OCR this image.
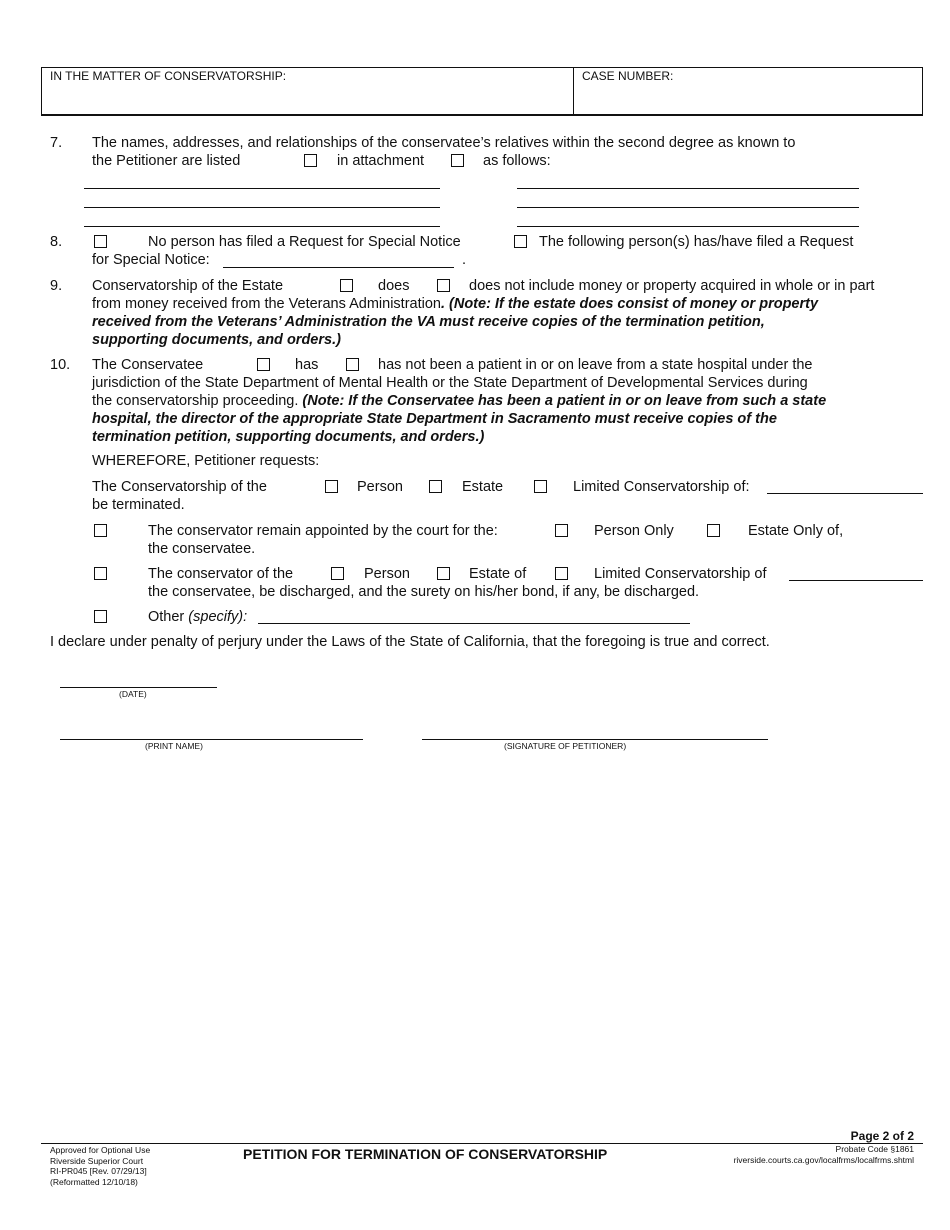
IN THE MATTER OF CONSERVATORSHIP:	CASE NUMBER:
7. The names, addresses, and relationships of the conservatee’s relatives within the second degree as known to
the Petitioner are listed	in attachment	as follows:
8.	No person has filed a Request for Special Notice	The following person(s) has/have filed a Request
for Special Notice:	.
9. Conservatorship of the Estate	does	does not include money or property acquired in whole or in part
from money received from the Veterans Administration. (Note: If the estate does consist of money or property
received from the Veterans’ Administration the VA must receive copies of the termination petition,
supporting documents, and orders.)
10. The Conservatee	has	has not been a patient in or on leave from a state hospital under the
jurisdiction of the State Department of Mental Health or the State Department of Developmental Services during
the conservatorship proceeding. (Note: If the Conservatee has been a patient in or on leave from such a state
hospital, the director of the appropriate State Department in Sacramento must receive copies of the
termination petition, supporting documents, and orders.)
WHEREFORE, Petitioner requests:
The Conservatorship of the	Person	Estate	Limited Conservatorship of:
be terminated.
The conservator remain appointed by the court for the:	Person Only	Estate Only of,
the conservatee.
The conservator of the	Person	Estate of	Limited Conservatorship of
the conservatee, be discharged, and the surety on his/her bond, if any, be discharged.
Other (specify):
I declare under penalty of perjury under the Laws of the State of California, that the foregoing is true and correct.
(DATE)
(PRINT NAME)	(SIGNATURE OF PETITIONER)
Page 2 of 2
Approved for Optional Use
Riverside Superior Court
RI-PR045 [Rev. 07/29/13]
(Reformatted 12/10/18)
PETITION FOR TERMINATION OF CONSERVATORSHIP	Probate Code §1861
riverside.courts.ca.gov/localfrms/localfrms.shtml
